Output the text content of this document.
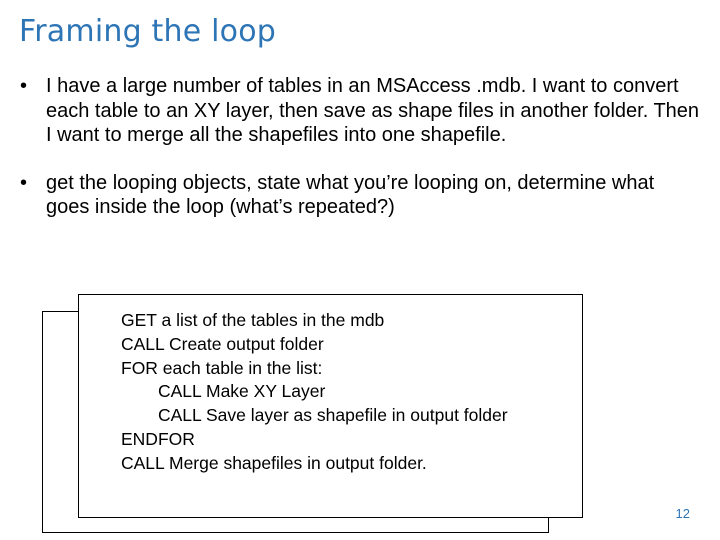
Framing the loop
• I have a large number of tables in an MSAccess .mdb. I want to convert each table to an XY layer, then save as shape files in another folder. Then I want to merge all the shapefiles into one shapefile.
• get the looping objects, state what you’re looping on, determine what goes inside the loop (what’s repeated?)
GET a list of the tables in the mdb
CALL Create output folder
FOR each table in the list:
CALL Make XY Layer
CALL Save layer as shapefile in output folder
ENDFOR
CALL Merge shapefiles in output folder.
12
